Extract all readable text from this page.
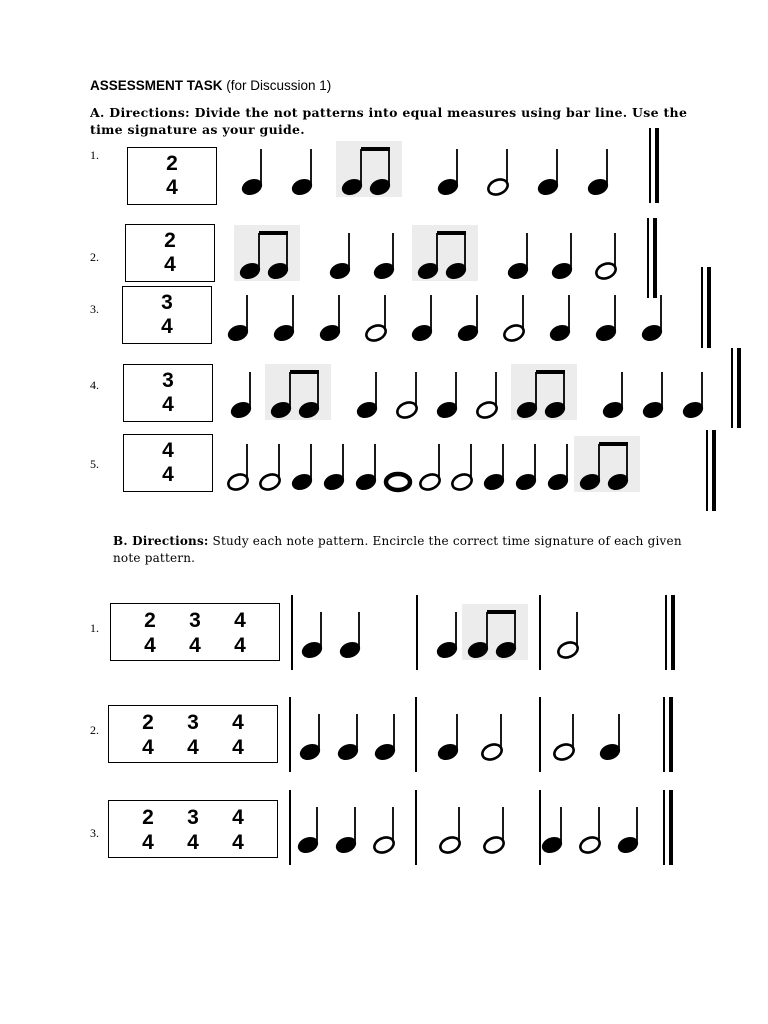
ASSESSMENT TASK (for Discussion 1)
A. Directions: Divide the not patterns into equal measures using bar line. Use the time signature as your guide.
1.
2.
3.
4.
5.
2
4
2
4
3
4
3
4
4
4
B. Directions: Study each note pattern. Encircle the correct time signature of each given note pattern.
1.
2.
3.
2
4
3
4
4
4
2
4
3
4
4
4
2
4
3
4
4
4
